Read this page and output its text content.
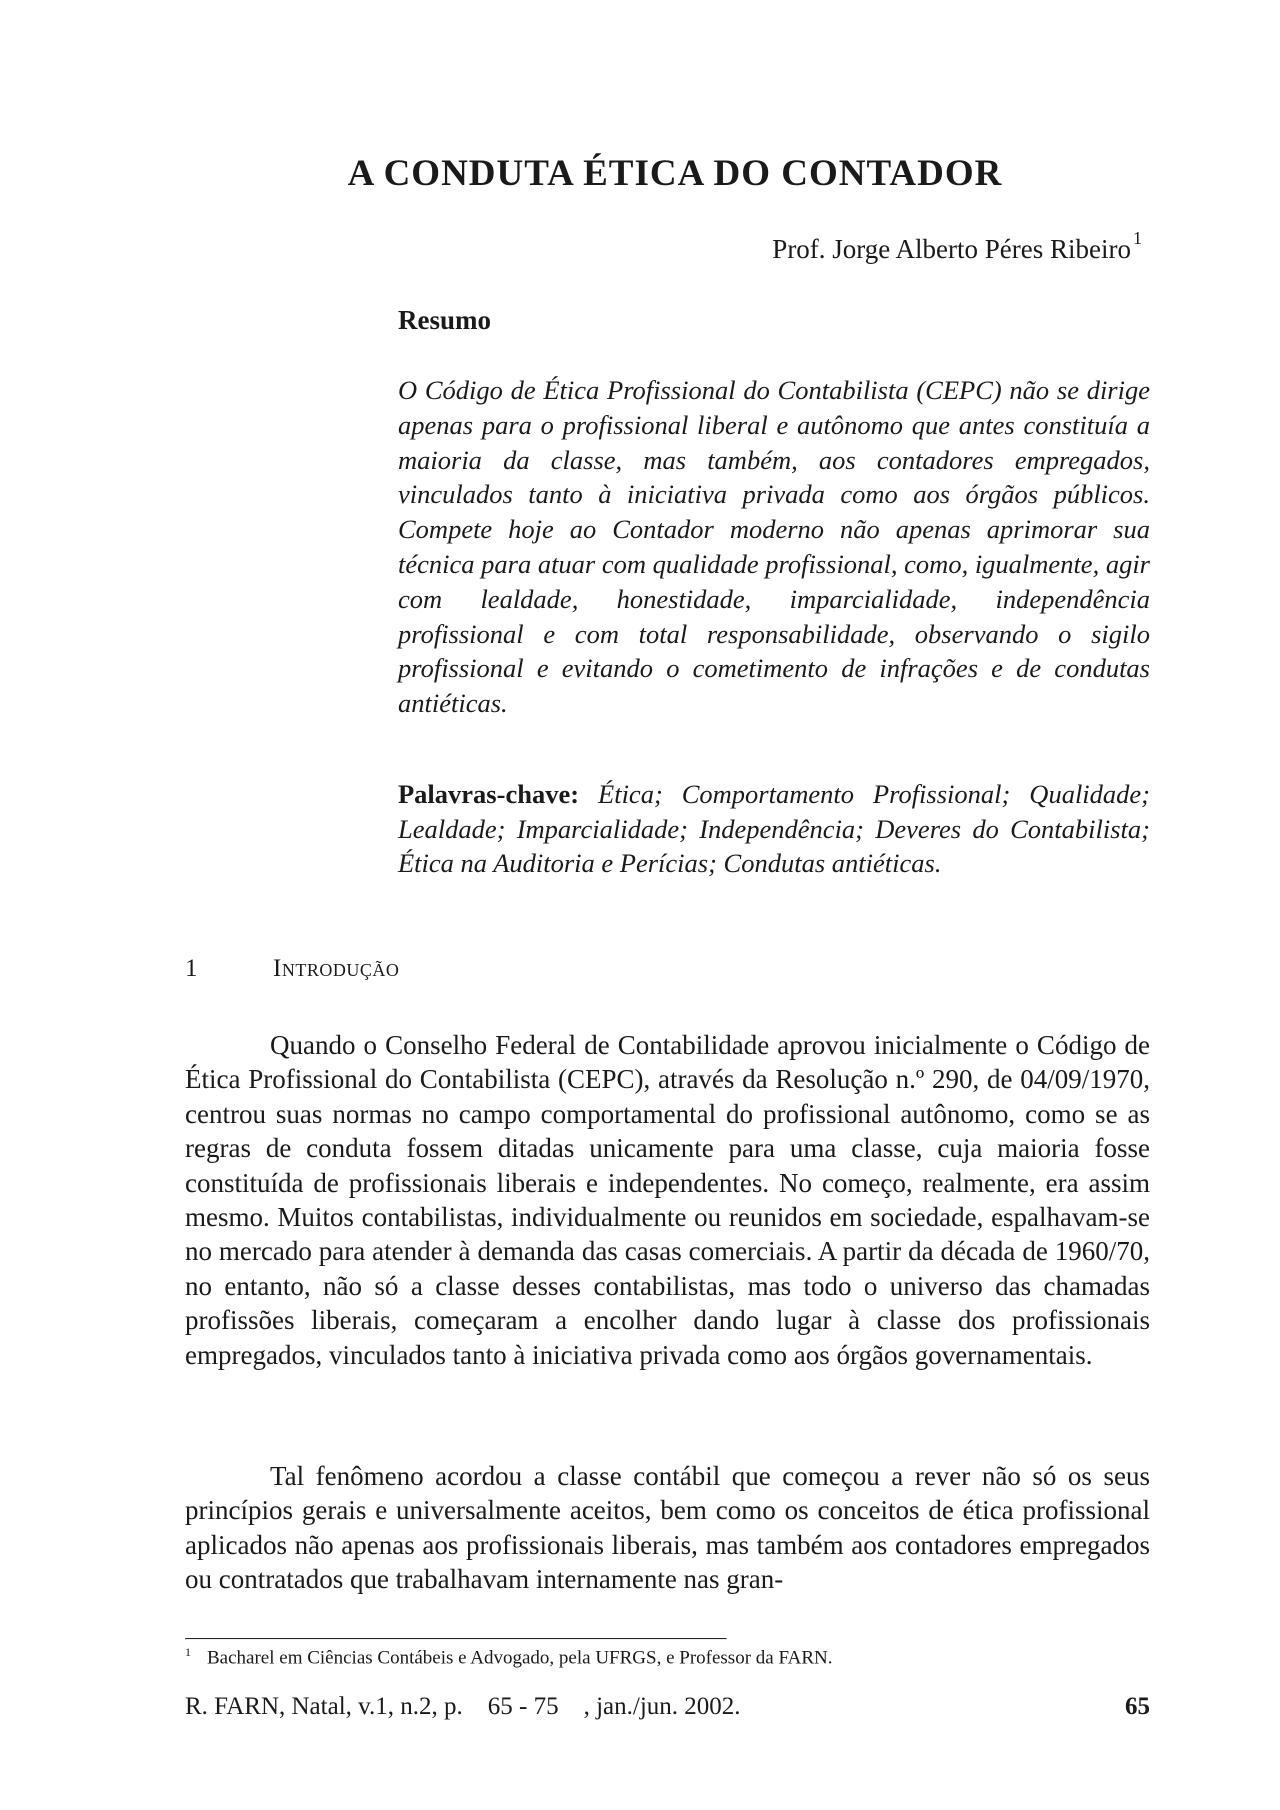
A CONDUTA ÉTICA DO CONTADOR
Prof. Jorge Alberto Péres Ribeiro $^1$
Resumo

O Código de Ética Profissional do Contabilista (CEPC) não se dirige apenas para o profissional liberal e autônomo que antes constituía a maioria da classe, mas também, aos contadores empregados, vinculados tanto à iniciativa privada como aos órgãos públicos. Compete hoje ao Contador moderno não apenas aprimorar sua técnica para atuar com qualidade profissional, como, igualmente, agir com lealdade, honestidade, imparcialidade, independência profissional e com total responsabilidade, observando o sigilo profissional e evitando o cometimento de infrações e de condutas antiéticas.

Palavras-chave: Ética; Comportamento Profissional; Qualidade; Lealdade; Imparcialidade; Independência; Deveres do Contabilista; Ética na Auditoria e Perícias; Condutas antiéticas.

1	Introdução

Quando o Conselho Federal de Contabilidade aprovou inicialmente o Código de Ética Profissional do Contabilista (CEPC), através da Resolução n.º 290, de 04/09/1970, centrou suas normas no campo comportamental do profissional autônomo, como se as regras de conduta fossem ditadas unicamente para uma classe, cuja maioria fosse constituída de profissionais liberais e independentes. No começo, realmente, era assim mesmo. Muitos contabilistas, individualmente ou reunidos em sociedade, espalhavam-se no mercado para atender à demanda das casas comerciais. A partir da década de 1960/70, no entanto, não só a classe desses contabilistas, mas todo o universo das chamadas profissões liberais, começaram a encolher dando lugar à classe dos profissionais empregados, vinculados tanto à iniciativa privada como aos órgãos governamentais.

Tal fenômeno acordou a classe contábil que começou a rever não só os seus princípios gerais e universalmente aceitos, bem como os conceitos de ética profissional aplicados não apenas aos profissionais liberais, mas também aos contadores empregados ou contratados que trabalhavam internamente nas gran-

$^1$ Bacharel em Ciências Contábeis e Advogado, pela UFRGS, e Professor da FARN.

R. FARN, Natal, v.1, n.2, p.    65 - 75    , jan./jun. 2002.	65
